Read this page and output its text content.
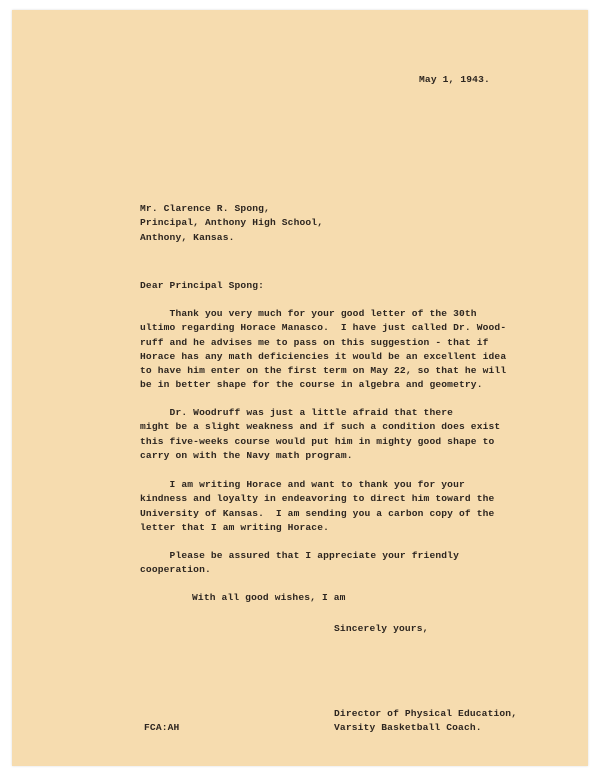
May 1, 1943.

Mr. Clarence R. Spong,
Principal, Anthony High School,
Anthony, Kansas.

Dear Principal Spong:

Thank you very much for your good letter of the 30th
ultimo regarding Horace Manasco.  I have just called Dr. Wood-
ruff and he advises me to pass on this suggestion - that if
Horace has any math deficiencies it would be an excellent idea
to have him enter on the first term on May 22, so that he will
be in better shape for the course in algebra and geometry.
Dr. Woodruff was just a little afraid that there
might be a slight weakness and if such a condition does exist
this five-weeks course would put him in mighty good shape to
carry on with the Navy math program.
I am writing Horace and want to thank you for your
kindness and loyalty in endeavoring to direct him toward the
University of Kansas.  I am sending you a carbon copy of the
letter that I am writing Horace.
Please be assured that I appreciate your friendly
cooperation.

With all good wishes, I am

Sincerely yours,

Director of Physical Education,
Varsity Basketball Coach.

FCA:AH
